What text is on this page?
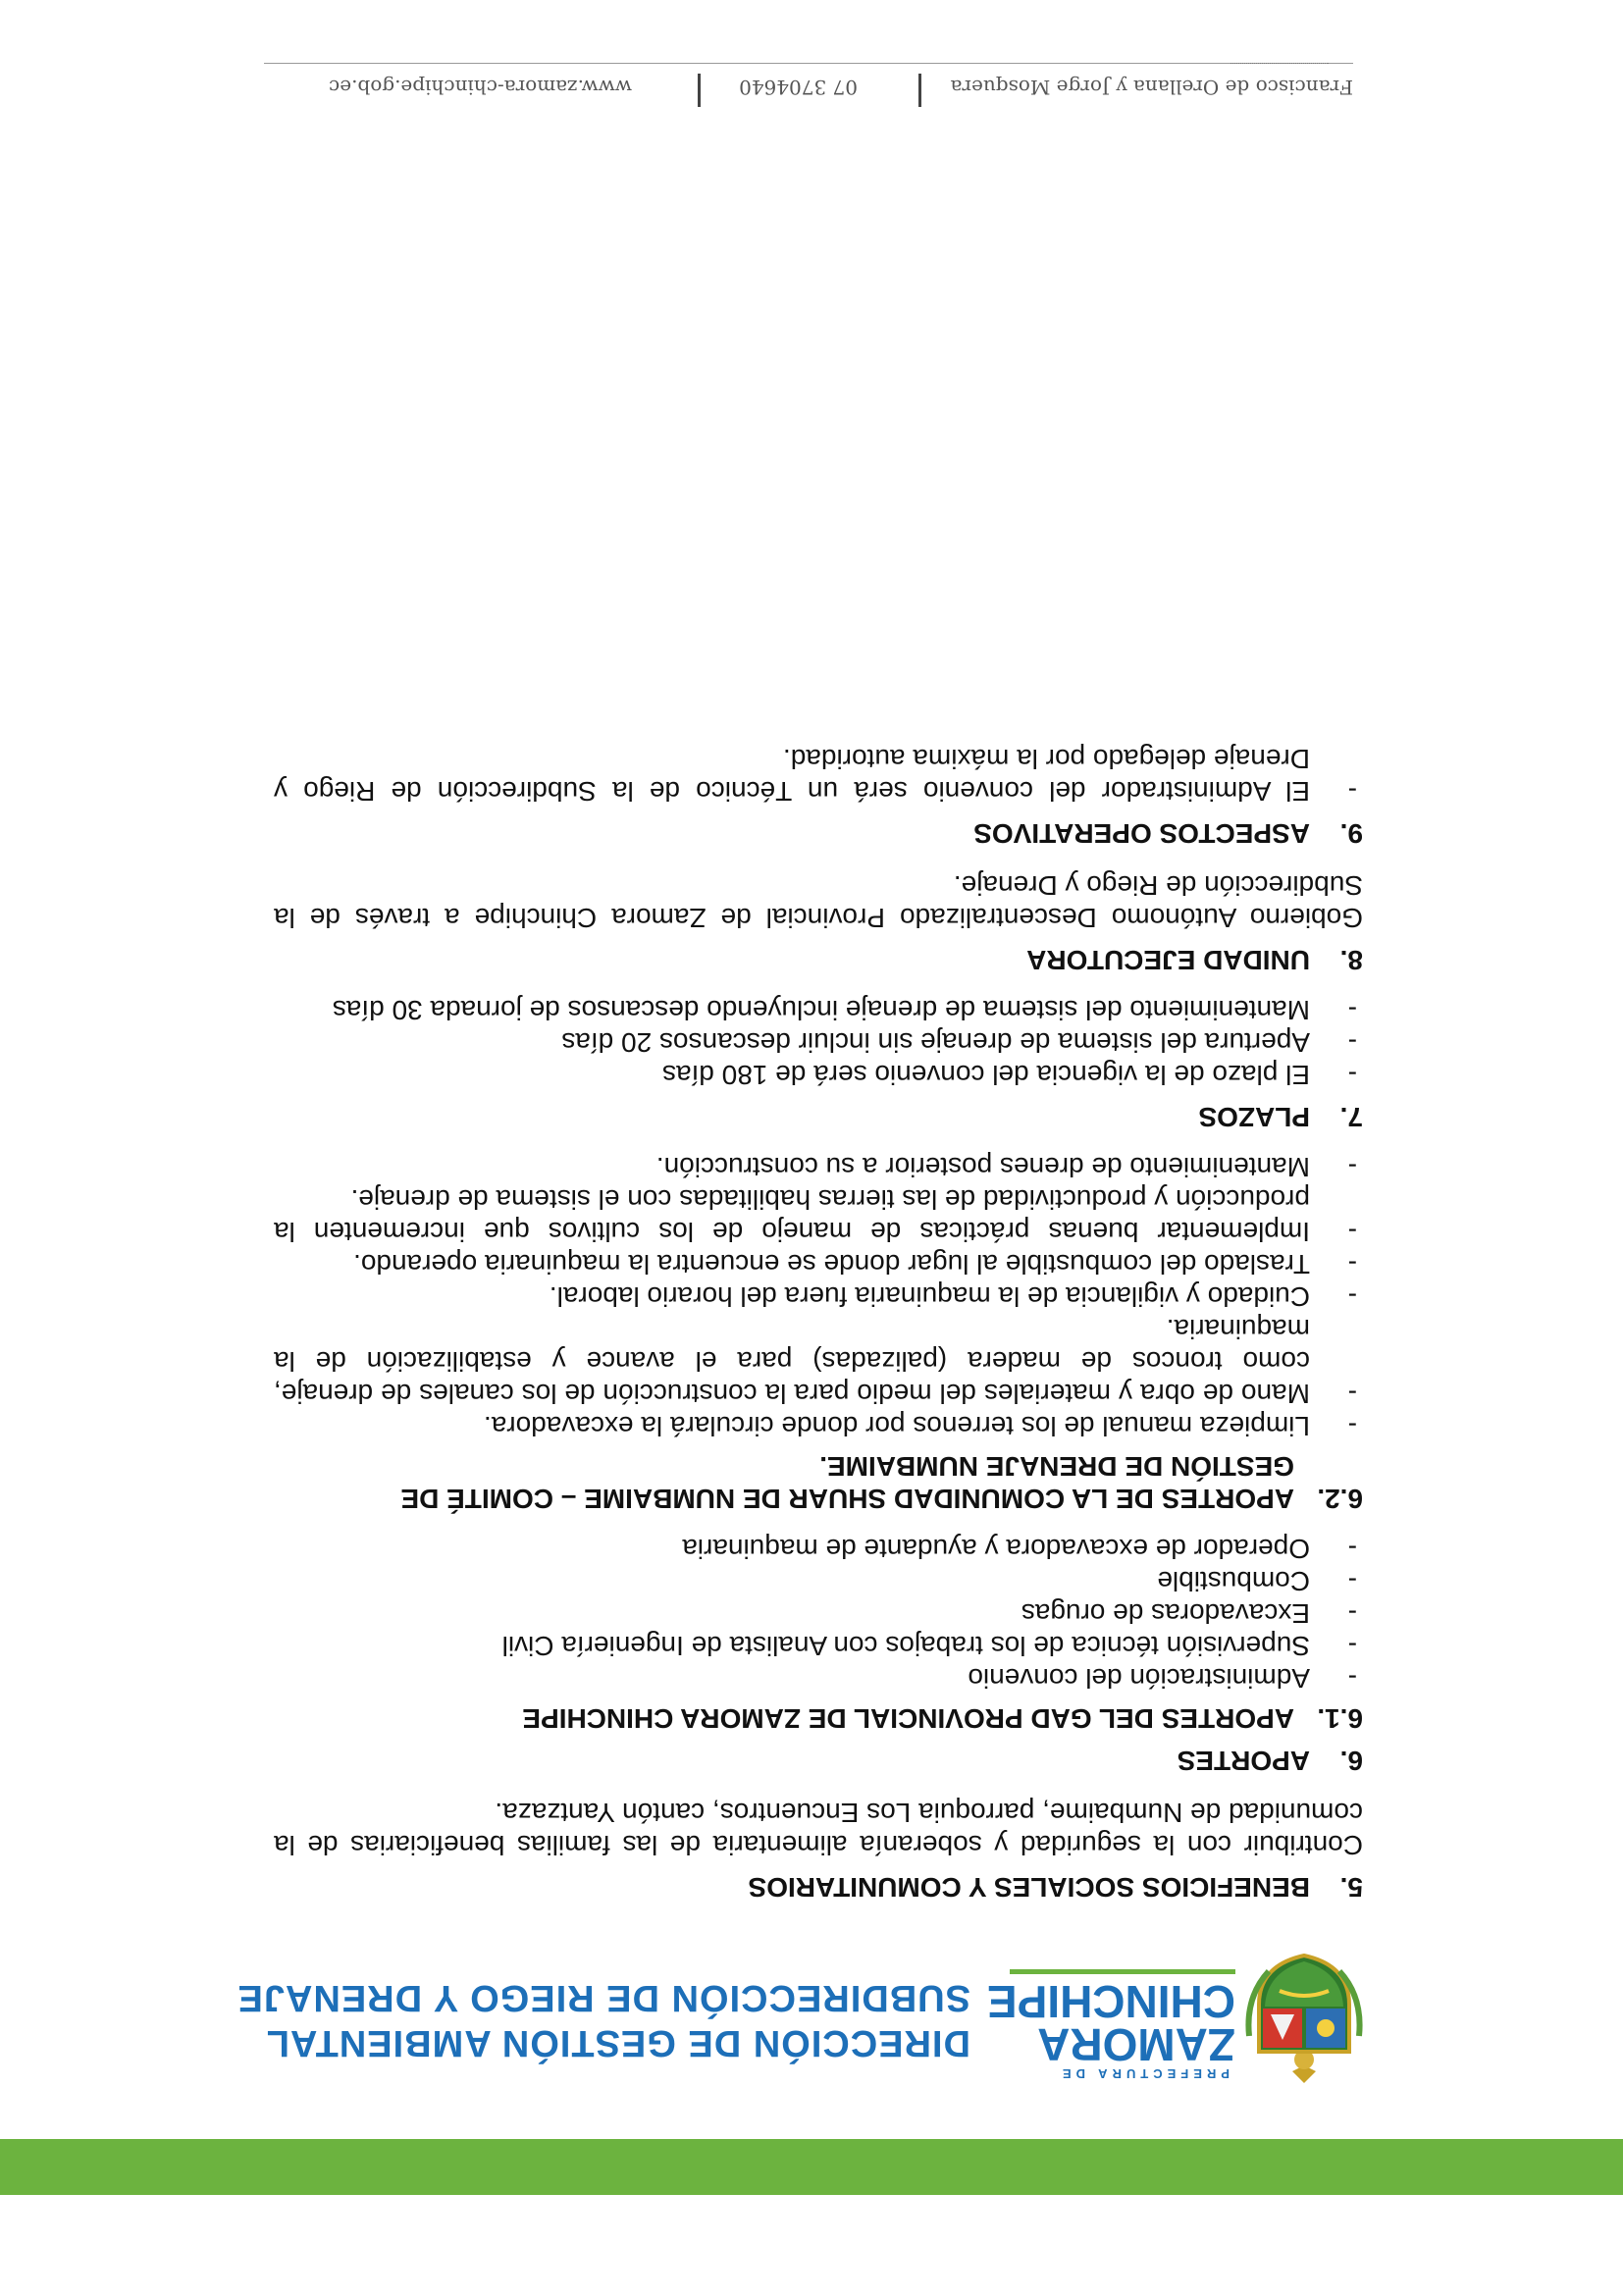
PREFECTURA DE
ZAMORA
CHINCHIPE
DIRECCIÓN DE GESTIÓN AMBIENTAL
SUBDIRECCIÓN DE RIEGO Y DRENAJE
5.BENEFICIOS SOCIALES Y COMUNITARIOS

Contribuir con la seguridad y soberanía alimentaria de las familias beneficiarias de la comunidad de Numbaime, parroquia Los Encuentros, cantón Yantzaza.

6.APORTES
6.1.
APORTES DEL GAD PROVINCIAL DE ZAMORA CHINCHIPE
- Administración del convenio
- Supervisión técnica de los trabajos con Analista de Ingeniería Civil
- Excavadoras de orugas
- Combustible
- Operador de excavadora y ayudante de maquinaria
6.2.
APORTES DE LA COMUNIDAD SHUAR DE NUMBAIME – COMITÉ DE GESTIÓN DE DRENAJE NUMBAIME.
- Limpieza manual de los terrenos por donde circulará la excavadora.
- Mano de obra y materiales del medio para la construcción de los canales de drenaje, como troncos de madera (palizadas) para el avance y estabilización de la maquinaria.
- Cuidado y vigilancia de la maquinaria fuera del horario laboral.
- Traslado del combustible al lugar donde se encuentra la maquinaria operando.
- Implementar buenas prácticas de manejo de los cultivos que incrementen la producción y productividad de las tierras habilitadas con el sistema de drenaje.
- Mantenimiento de drenes posterior a su construcción.
7.PLAZOS
- El plazo de la vigencia del convenio será de 180 días
- Apertura del sistema de drenaje sin incluir descansos 20 días
- Mantenimiento del sistema de drenaje incluyendo descansos de jornada 30 días
8.UNIDAD EJECUTORA

Gobierno Autónomo Descentralizado Provincial de Zamora Chinchipe a través de la Subdirección de Riego y Drenaje.

9.ASPECTOS OPERATIVOS
- El Administrador del convenio será un Técnico de la Subdirección de Riego y Drenaje delegado por la máxima autoridad.
Francisco de Orellana y Jorge Mosquera
07 3704640
www.zamora-chinchipe.gob.ec
